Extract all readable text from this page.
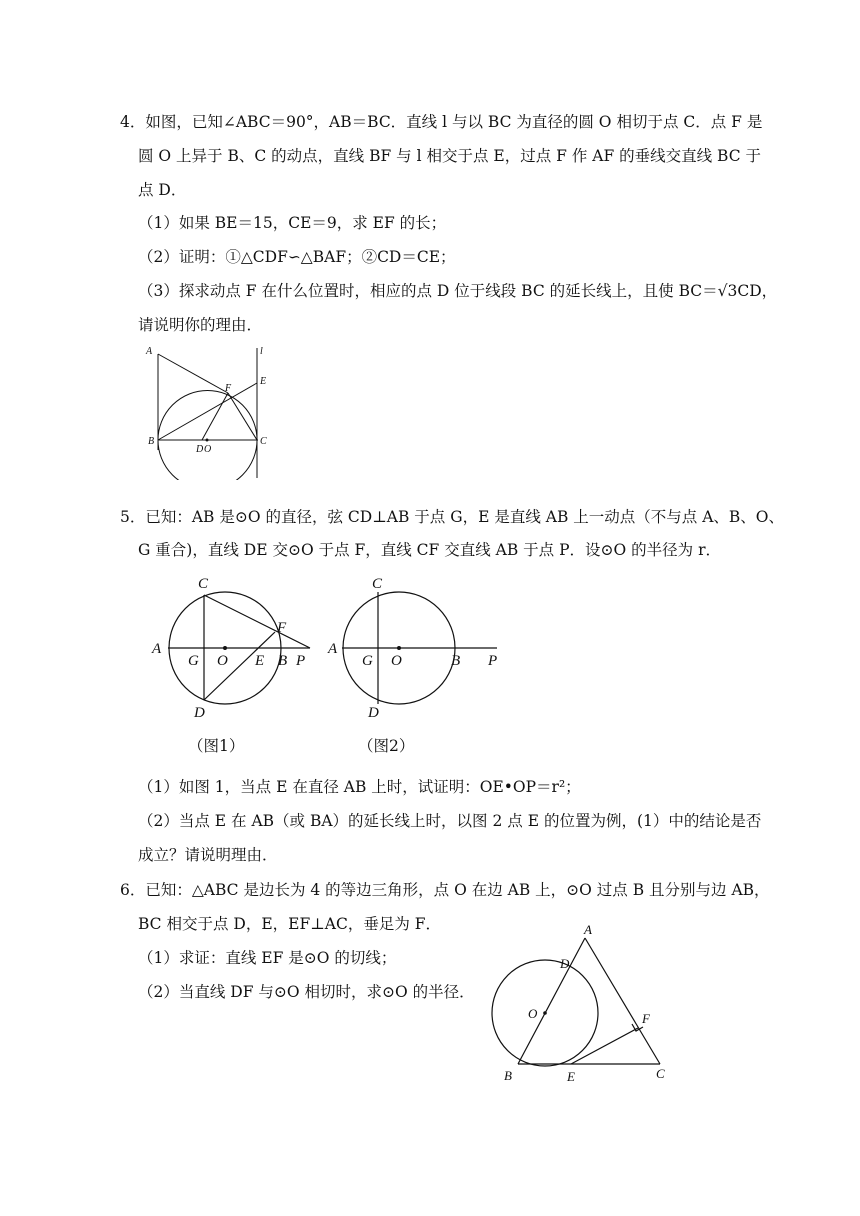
4．如图，已知∠ABC＝90°，AB＝BC．直线 l 与以 BC 为直径的圆 O 相切于点 C．点 F 是
圆 O 上异于 B、C 的动点，直线 BF 与 l 相交于点 E，过点 F 作 AF 的垂线交直线 BC 于
点 D．
（1）如果 BE＝15，CE＝9，求 EF 的长；
（2）证明：①△CDF∽△BAF；②CD＝CE；
（3）探求动点 F 在什么位置时，相应的点 D 位于线段 BC 的延长线上，且使 BC＝√3CD，
请说明你的理由．
A	l
E
F
B
D O
C
5．已知：AB 是⊙O 的直径，弦 CD⊥AB 于点 G，E 是直线 AB 上一动点（不与点 A、B、O、
G 重合)，直线 DE 交⊙O 于点 F，直线 CF 交直线 AB 于点 P．设⊙O 的半径为 r．
C
F
A
G O E B P
D
（图1）
C
A
G O	B P
D
（图2）
（1）如图 1，当点 E 在直径 AB 上时，试证明：OE•OP＝r²；
（2）当点 E 在 AB（或 BA）的延长线上时，以图 2 点 E 的位置为例，(1）中的结论是否
成立？请说明理由．
6．已知：△ABC 是边长为 4 的等边三角形，点 O 在边 AB 上，⊙O 过点 B 且分别与边 AB，
BC 相交于点 D，E，EF⊥AC，垂足为 F．
（1）求证：直线 EF 是⊙O 的切线；
（2）当直线 DF 与⊙O 相切时，求⊙O 的半径．
A
D
O	F
B	E	C
